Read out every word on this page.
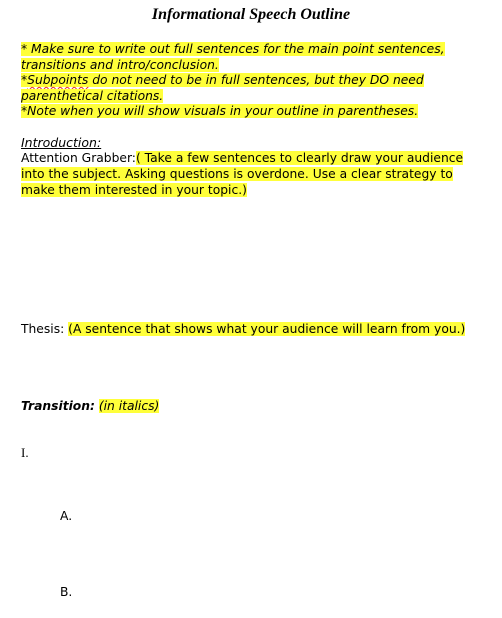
Informational Speech Outline

* Make sure to write out full sentences for the main point sentences, transitions and intro/conclusion.

*Subpoints do not need to be in full sentences, but they DO need parenthetical citations.

*Note when you will show visuals in your outline in parentheses.

Introduction:
Attention Grabber:( Take a few sentences to clearly draw your audience into the subject. Asking questions is overdone. Use a clear strategy to make them interested in your topic.)
Thesis: (A sentence that shows what your audience will learn from you.)
Transition: (in italics)
I.
A.
B.
